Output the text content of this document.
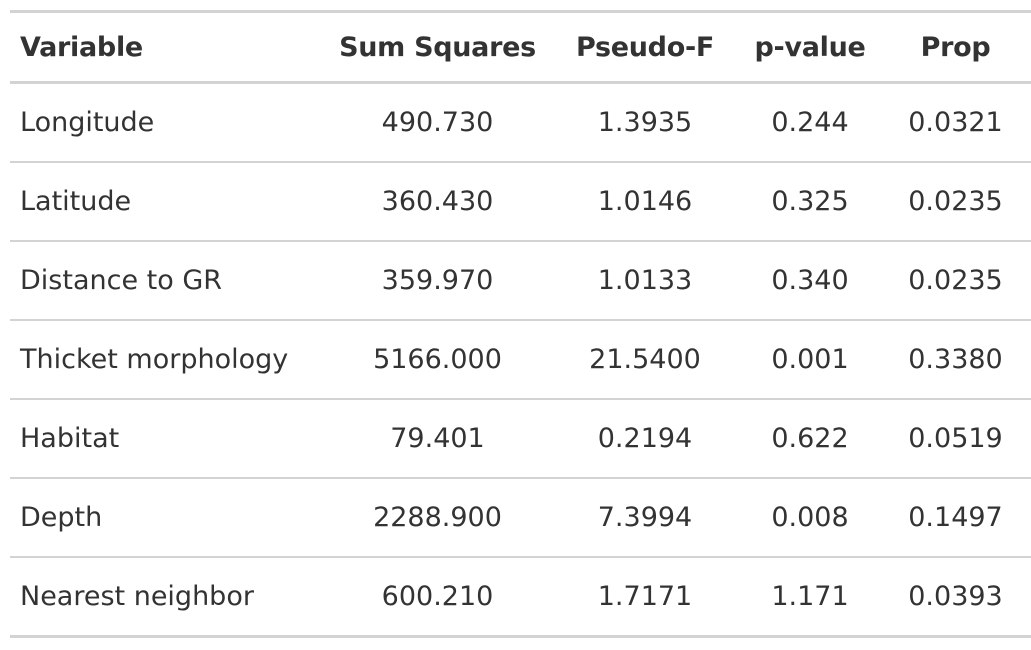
Variable	Sum Squares	Pseudo-F	p-value	Prop
Longitude	490.730	1.3935	0.244	0.0321
Latitude	360.430	1.0146	0.325	0.0235
Distance to GR	359.970	1.0133	0.340	0.0235
Thicket morphology	5166.000	21.5400	0.001	0.3380
Habitat	79.401	0.2194	0.622	0.0519
Depth	2288.900	7.3994	0.008	0.1497
Nearest neighbor	600.210	1.7171	1.171	0.0393
